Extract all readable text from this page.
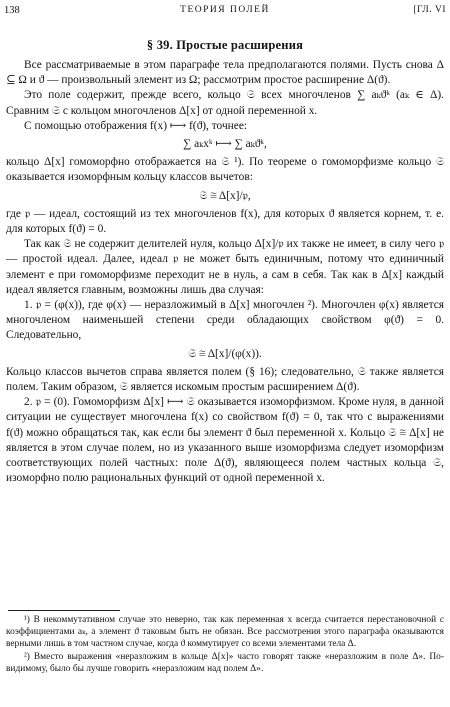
138	ТЕОРИЯ ПОЛЕЙ	[ГЛ. VI
§ 39. Простые расширения

Все рассматриваемые в этом параграфе тела предполагаются полями. Пусть снова Δ ⊆ Ω и ϑ — произвольный элемент из Ω; рассмотрим простое расширение Δ(ϑ).

Это поле содержит, прежде всего, кольцо 𝔖 всех многочленов ∑ aₖϑᵏ (aₖ ∈ Δ). Сравним 𝔖 с кольцом многочленов Δ[x] от одной переменной x.

С помощью отображения f(x) ⟼ f(ϑ), точнее:

∑ aₖxᵏ ⟼ ∑ aₖϑᵏ,

кольцо Δ[x] гомоморфно отображается на 𝔖 ¹). По теореме о гомоморфизме кольцо 𝔖 оказывается изоморфным кольцу классов вычетов:

𝔖 ≅ Δ[x]/𝔭,

где 𝔭 — идеал, состоящий из тех многочленов f(x), для которых ϑ является корнем, т. е. для которых f(ϑ) = 0.

Так как 𝔖 не содержит делителей нуля, кольцо Δ[x]/𝔭 их также не имеет, в силу чего 𝔭 — простой идеал. Далее, идеал 𝔭 не может быть единичным, потому что единичный элемент e при гомоморфизме переходит не в нуль, а сам в себя. Так как в Δ[x] каждый идеал является главным, возможны лишь два случая:

1. 𝔭 = (φ(x)), где φ(x) — неразложимый в Δ[x] многочлен ²). Многочлен φ(x) является многочленом наименьшей степени среди обладающих свойством φ(ϑ) = 0. Следовательно,

𝔖 ≅ Δ[x]/(φ(x)).

Кольцо классов вычетов справа является полем (§ 16); следовательно, 𝔖 также является полем. Таким образом, 𝔖 является искомым простым расширением Δ(ϑ).

2. 𝔭 = (0). Гомоморфизм Δ[x] ⟼ 𝔖 оказывается изоморфизмом. Кроме нуля, в данной ситуации не существует многочлена f(x) со свойством f(ϑ) = 0, так что с выражениями f(ϑ) можно обращаться так, как если бы элемент ϑ был переменной x. Кольцо 𝔖 ≅ Δ[x] не является в этом случае полем, но из указанного выше изоморфизма следует изоморфизм соответствующих полей частных: поле Δ(ϑ), являющееся полем частных кольца 𝔖, изоморфно полю рациональных функций от одной переменной x.

¹) В некоммутативном случае это неверно, так как переменная x всегда считается перестановочной с коэффициентами aₖ, а элемент ϑ таковым быть не обязан. Все рассмотрения этого параграфа оказываются верными лишь в том частном случае, когда ϑ коммутирует со всеми элементами тела Δ.

²) Вместо выражения «неразложим в кольце Δ[x]» часто говорят также «неразложим в поле Δ». По-видимому, было бы лучше говорить «неразложим над полем Δ».
